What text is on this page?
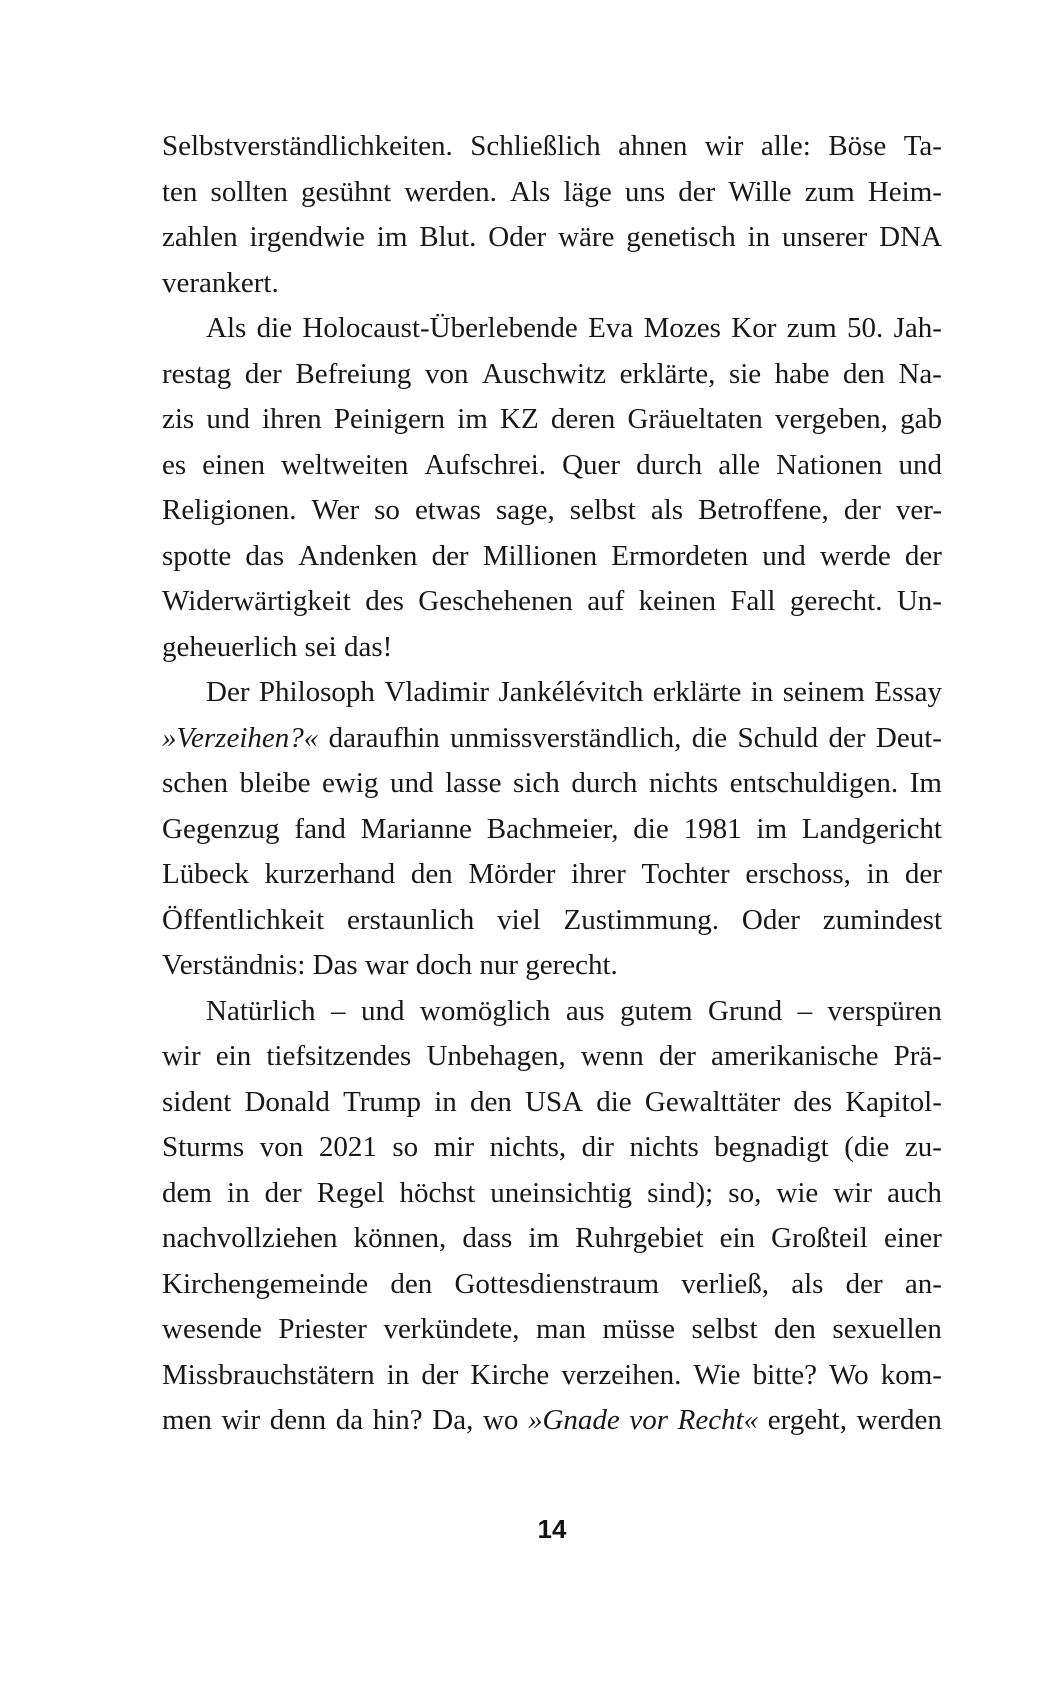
Selbstverständlichkeiten. Schließlich ahnen wir alle: Böse Ta-
ten sollten gesühnt werden. Als läge uns der Wille zum Heim-
zahlen irgendwie im Blut. Oder wäre genetisch in unserer DNA
verankert.
Als die Holocaust-Überlebende Eva Mozes Kor zum 50. Jah-
restag der Befreiung von Auschwitz erklärte, sie habe den Na-
zis und ihren Peinigern im KZ deren Gräueltaten vergeben, gab
es einen weltweiten Aufschrei. Quer durch alle Nationen und
Religionen. Wer so etwas sage, selbst als Betroffene, der ver-
spotte das Andenken der Millionen Ermordeten und werde der
Widerwärtigkeit des Geschehenen auf keinen Fall gerecht. Un-
geheuerlich sei das!
Der Philosoph Vladimir Jankélévitch erklärte in seinem Essay
»Verzeihen?« daraufhin unmissverständlich, die Schuld der Deut-
schen bleibe ewig und lasse sich durch nichts entschuldigen. Im
Gegenzug fand Marianne Bachmeier, die 1981 im Landgericht
Lübeck kurzerhand den Mörder ihrer Tochter erschoss, in der
Öffentlichkeit erstaunlich viel Zustimmung. Oder zumindest
Verständnis: Das war doch nur gerecht.
Natürlich – und womöglich aus gutem Grund – verspüren
wir ein tiefsitzendes Unbehagen, wenn der amerikanische Prä-
sident Donald Trump in den USA die Gewalttäter des Kapitol-
Sturms von 2021 so mir nichts, dir nichts begnadigt (die zu-
dem in der Regel höchst uneinsichtig sind); so, wie wir auch
nachvollziehen können, dass im Ruhrgebiet ein Großteil einer
Kirchengemeinde den Gottesdienstraum verließ, als der an-
wesende Priester verkündete, man müsse selbst den sexuellen
Missbrauchstätern in der Kirche verzeihen. Wie bitte? Wo kom-
men wir denn da hin? Da, wo »Gnade vor Recht« ergeht, werden
14
